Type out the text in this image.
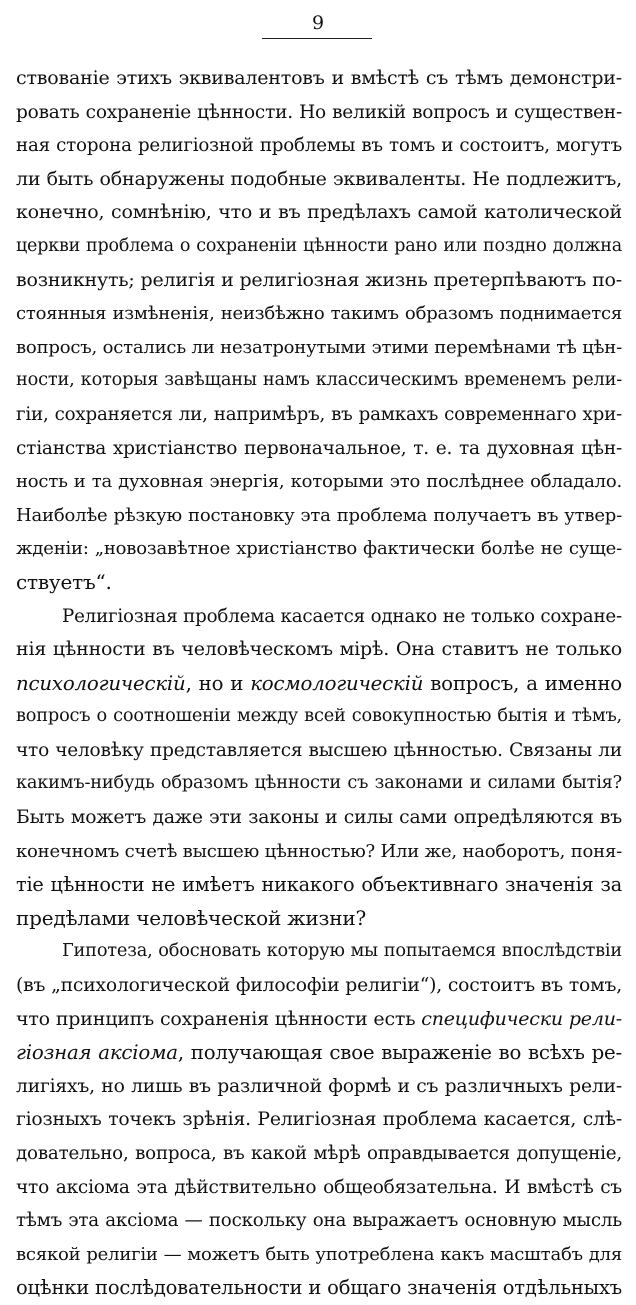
9
ствованіе этихъ эквивалентовъ и вмѣстѣ съ тѣмъ демонстри-
ровать сохраненіе цѣнности. Но великій вопросъ и существен-
ная сторона религіозной проблемы въ томъ и состоитъ, могутъ
ли быть обнаружены подобные эквиваленты. Не подлежитъ,
конечно, сомнѣнію, что и въ предѣлахъ самой католической
церкви проблема о сохраненіи цѣнности рано или поздно должна
возникнуть; религія и религіозная жизнь претерпѣваютъ по-
стоянныя измѣненія, неизбѣжно такимъ образомъ поднимается
вопросъ, остались ли незатронутыми этими перемѣнами тѣ цѣн-
ности, которыя завѣщаны намъ классическимъ временемъ рели-
гіи, сохраняется ли, напримѣръ, въ рамкахъ современнаго хри-
стіанства христіанство первоначальное, т. е. та духовная цѣн-
ность и та духовная энергія, которыми это послѣднее обладало.
Наиболѣе рѣзкую постановку эта проблема получаетъ въ утвер-
жденіи: „новозавѣтное христіанство фактически болѣе не суще-
ствуетъ“.
Религіозная проблема касается однако не только сохране-
нія цѣнности въ человѣческомъ мірѣ. Она ставитъ не только
психологическій, но и космологическій вопросъ, а именно
вопросъ о соотношеніи между всей совокупностью бытія и тѣмъ,
что человѣку представляется высшею цѣнностью. Связаны ли
какимъ-нибудь образомъ цѣнности съ законами и силами бытія?
Быть можетъ даже эти законы и силы сами опредѣляются въ
конечномъ счетѣ высшею цѣнностью? Или же, наоборотъ, поня-
тіе цѣнности не имѣетъ никакого объективнаго значенія за
предѣлами человѣческой жизни?
Гипотеза, обосновать которую мы попытаемся впослѣдствіи
(въ „психологической философіи религіи“), состоитъ въ томъ,
что принципъ сохраненія цѣнности есть специфически рели-
гіозная аксіома, получающая свое выраженіе во всѣхъ ре-
лигіяхъ, но лишь въ различной формѣ и съ различныхъ рели-
гіозныхъ точекъ зрѣнія. Религіозная проблема касается, слѣ-
довательно, вопроса, въ какой мѣрѣ оправдывается допущеніе,
что аксіома эта дѣйствительно общеобязательна. И вмѣстѣ съ
тѣмъ эта аксіома — поскольку она выражаетъ основную мысль
всякой религіи — можетъ быть употреблена какъ масштабъ для
оцѣнки послѣдовательности и общаго значенія отдѣльныхъ
